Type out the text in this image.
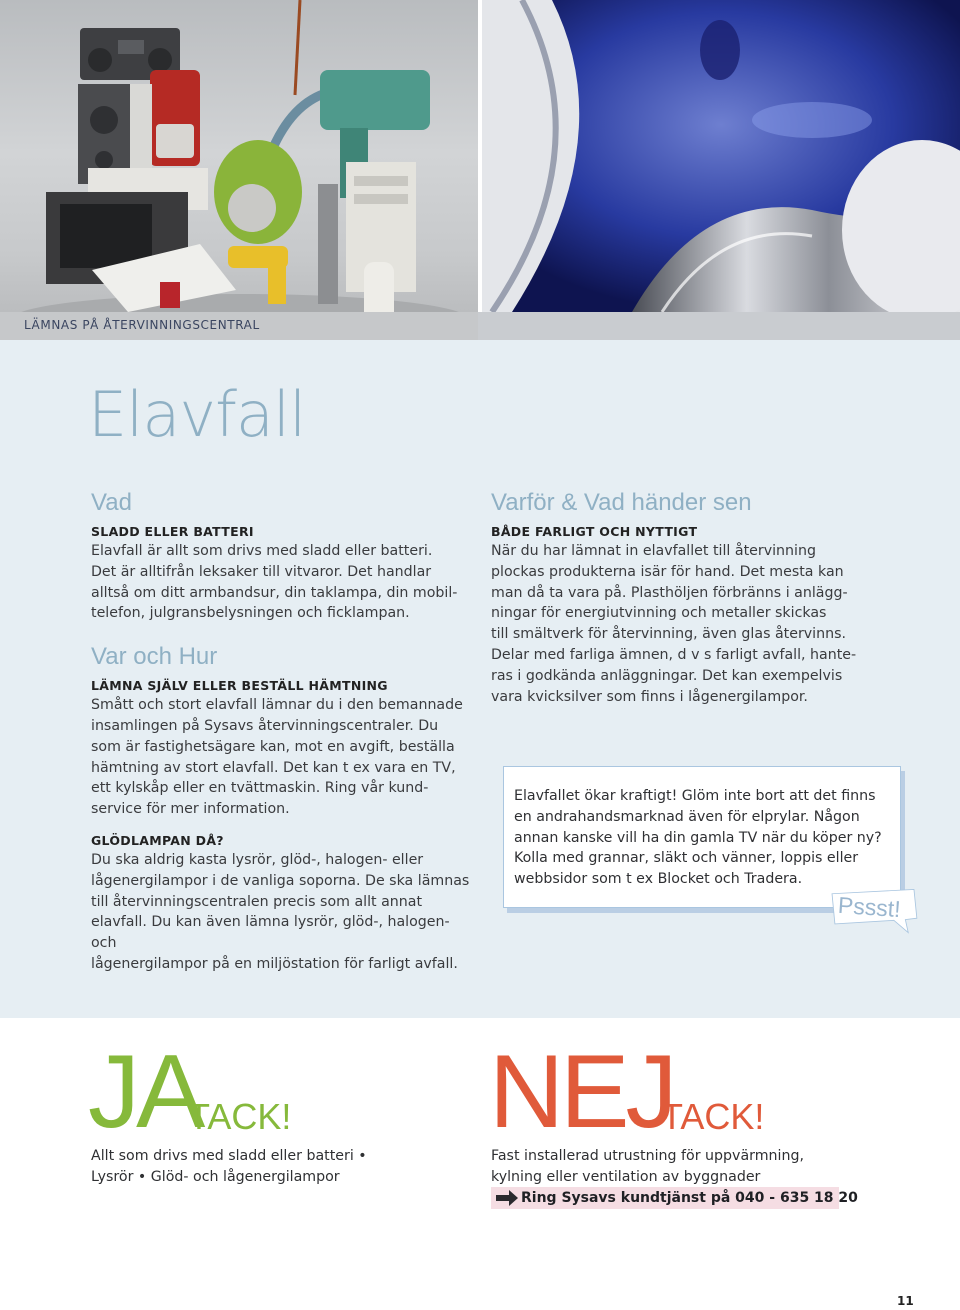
LÄMNAS PÅ ÅTERVINNINGSCENTRAL
Elavfall
Vad
SLADD ELLER BATTERI

Elavfall är allt som drivs med sladd eller batteri.
Det är alltifrån leksaker till vitvaror. Det handlar
alltså om ditt armbandsur, din taklampa, din mobil-
telefon, julgransbelysningen och ficklampan.

Var och Hur
LÄMNA SJÄLV ELLER BESTÄLL HÄMTNING

Smått och stort elavfall lämnar du i den bemannade
insamlingen på Sysavs återvinningscentraler. Du
som är fastighetsägare kan, mot en avgift, beställa
hämtning av stort elavfall. Det kan t ex vara en TV,
ett kylskåp eller en tvättmaskin. Ring vår kund-
service för mer information.

GLÖDLAMPAN DÅ?

Du ska aldrig kasta lysrör, glöd-, halogen- eller
lågenergilampor i de vanliga soporna. De ska lämnas
till återvinningscentralen precis som allt annat
elavfall. Du kan även lämna lysrör, glöd-, halogen- och
lågenergilampor på en miljöstation för farligt avfall.

Varför & Vad händer sen
BÅDE FARLIGT OCH NYTTIGT

När du har lämnat in elavfallet till återvinning
plockas produkterna isär för hand. Det mesta kan
man då ta vara på. Plasthöljen förbränns i anlägg-
ningar för energiutvinning och metaller skickas
till smältverk för återvinning, även glas återvinns.
Delar med farliga ämnen, d v s farligt avfall, hante-
ras i godkända anläggningar. Det kan exempelvis
vara kvicksilver som finns i lågenergilampor.

Elavfallet ökar kraftigt! Glöm inte bort att det finns
en andrahandsmarknad även för elprylar. Någon
annan kanske vill ha din gamla TV när du köper ny?
Kolla med grannar, släkt och vänner, loppis eller
webbsidor som t ex Blocket och Tradera.
Pssst!
JA
TACK!
Allt som drivs med sladd eller batteri •
Lysrör • Glöd- och lågenergilampor
NEJ
TACK!
Fast installerad utrustning för uppvärmning,
kylning eller ventilation av byggnader
Ring Sysavs kundtjänst på 040 - 635 18 20
11
